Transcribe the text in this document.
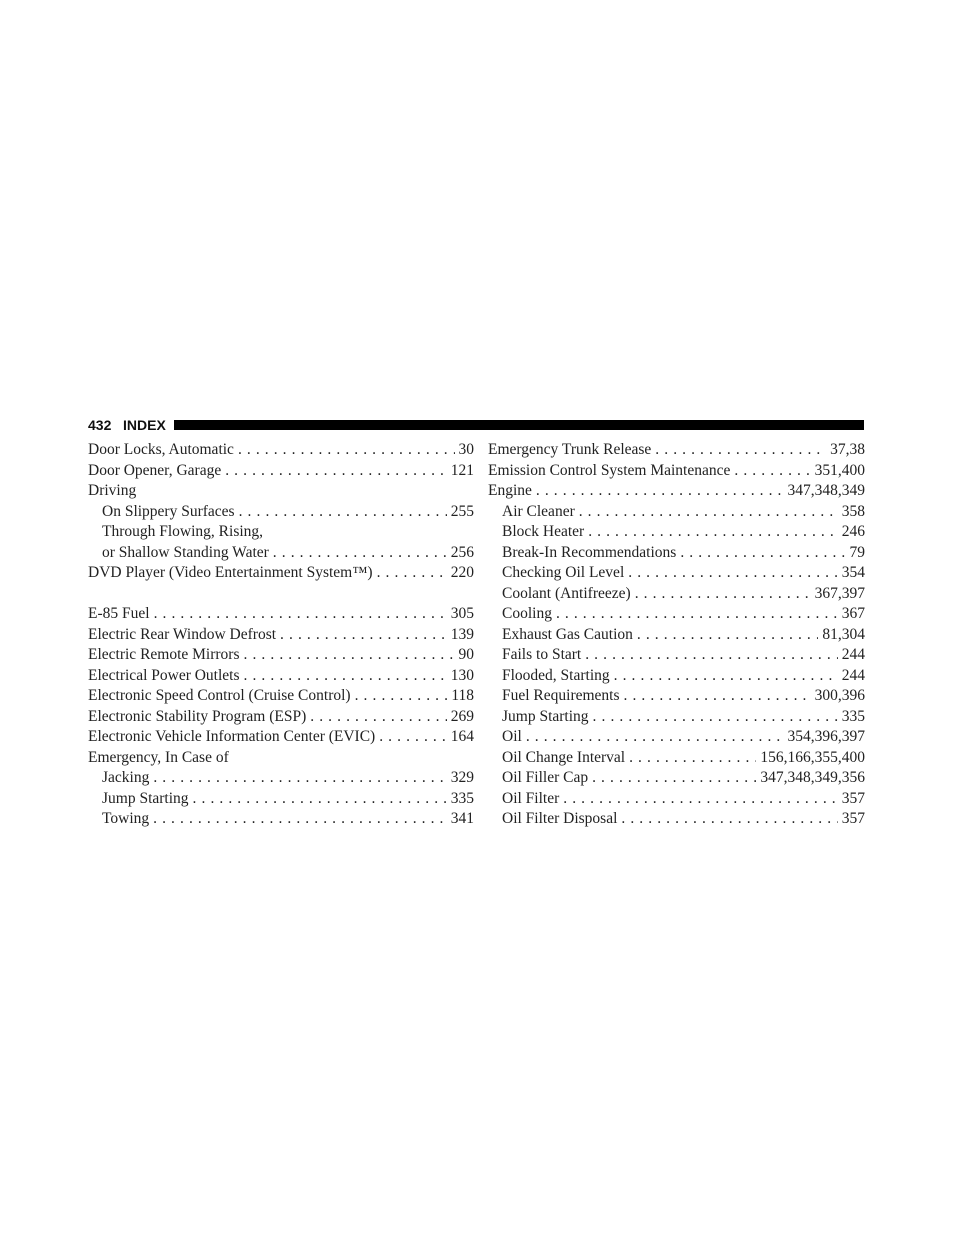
432 INDEX
Door Locks, Automatic . . .	30
Door Opener, Garage . . .	121
Driving
On Slippery Surfaces . . .	255
Through Flowing, Rising,
or Shallow Standing Water . . .	256
DVD Player (Video Entertainment System™) . . .	220
E-85 Fuel . . .	305
Electric Rear Window Defrost . . .	139
Electric Remote Mirrors . . .	90
Electrical Power Outlets . . .	130
Electronic Speed Control (Cruise Control) . . .	118
Electronic Stability Program (ESP) . . .	269
Electronic Vehicle Information Center (EVIC) . . .	164
Emergency, In Case of
Jacking . . .	329
Jump Starting . . .	335
Towing . . .	341
Emergency Trunk Release . . .	37,38
Emission Control System Maintenance . . .	351,400
Engine . . .	347,348,349
Air Cleaner . . .	358
Block Heater . . .	246
Break-In Recommendations . . .	79
Checking Oil Level . . .	354
Coolant (Antifreeze) . . .	367,397
Cooling . . .	367
Exhaust Gas Caution . . .	81,304
Fails to Start . . .	244
Flooded, Starting . . .	244
Fuel Requirements . . .	300,396
Jump Starting . . .	335
Oil . . .	354,396,397
Oil Change Interval . . .	156,166,355,400
Oil Filler Cap . . .	347,348,349,356
Oil Filter . . .	357
Oil Filter Disposal . . .	357
